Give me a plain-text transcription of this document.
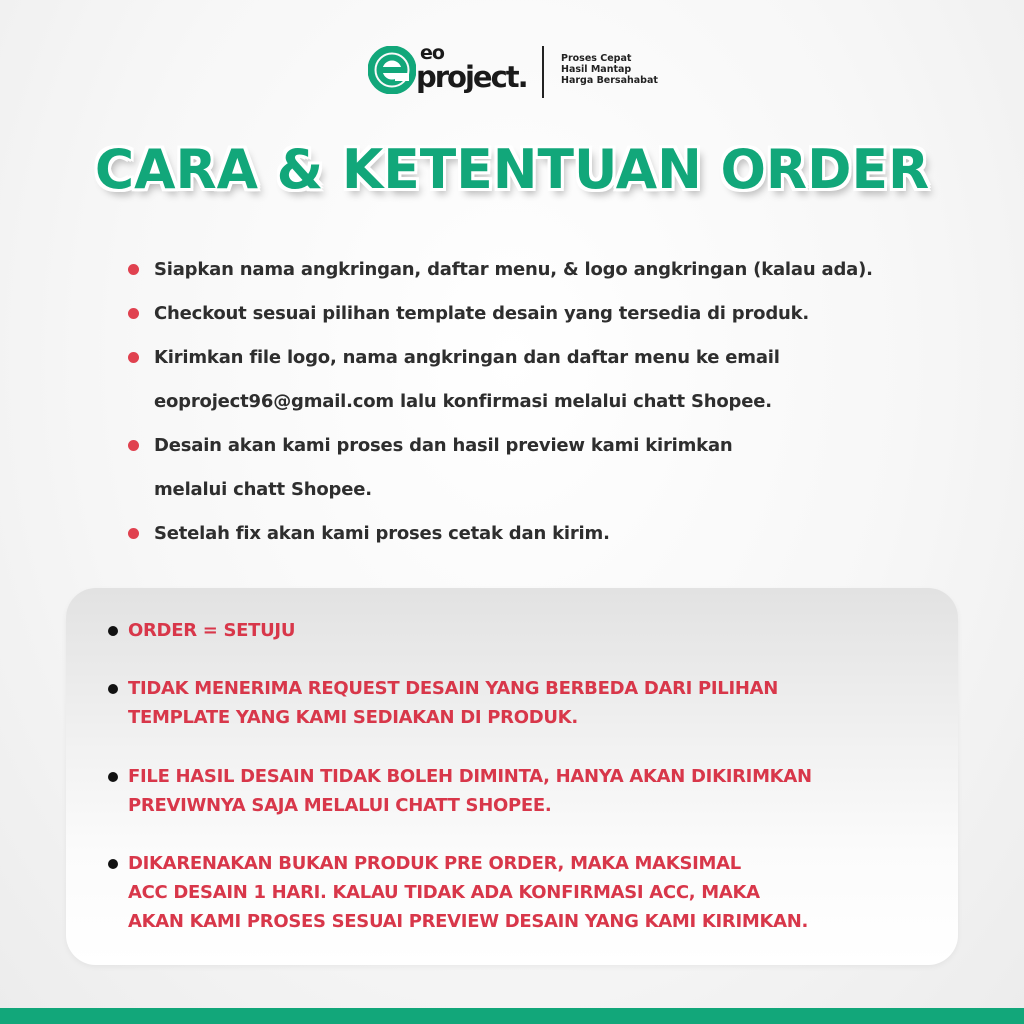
eo
project.
Proses Cepat
Hasil Mantap
Harga Bersahabat
CARA & KETENTUAN ORDER
Siapkan nama angkringan, daftar menu, & logo angkringan (kalau ada).
Checkout sesuai pilihan template desain yang tersedia di produk.
Kirimkan file logo, nama angkringan dan daftar menu ke email
eoproject96@gmail.com lalu konfirmasi melalui chatt Shopee.
Desain akan kami proses dan hasil preview kami kirimkan
melalui chatt Shopee.
Setelah fix akan kami proses cetak dan kirim.
ORDER = SETUJU
TIDAK MENERIMA REQUEST DESAIN YANG BERBEDA DARI PILIHAN
TEMPLATE YANG KAMI SEDIAKAN DI PRODUK.
FILE HASIL DESAIN TIDAK BOLEH DIMINTA, HANYA AKAN DIKIRIMKAN
PREVIWNYA SAJA MELALUI CHATT SHOPEE.
DIKARENAKAN BUKAN PRODUK PRE ORDER, MAKA MAKSIMAL
ACC DESAIN 1 HARI. KALAU TIDAK ADA KONFIRMASI ACC, MAKA
AKAN KAMI PROSES SESUAI PREVIEW DESAIN YANG KAMI KIRIMKAN.
